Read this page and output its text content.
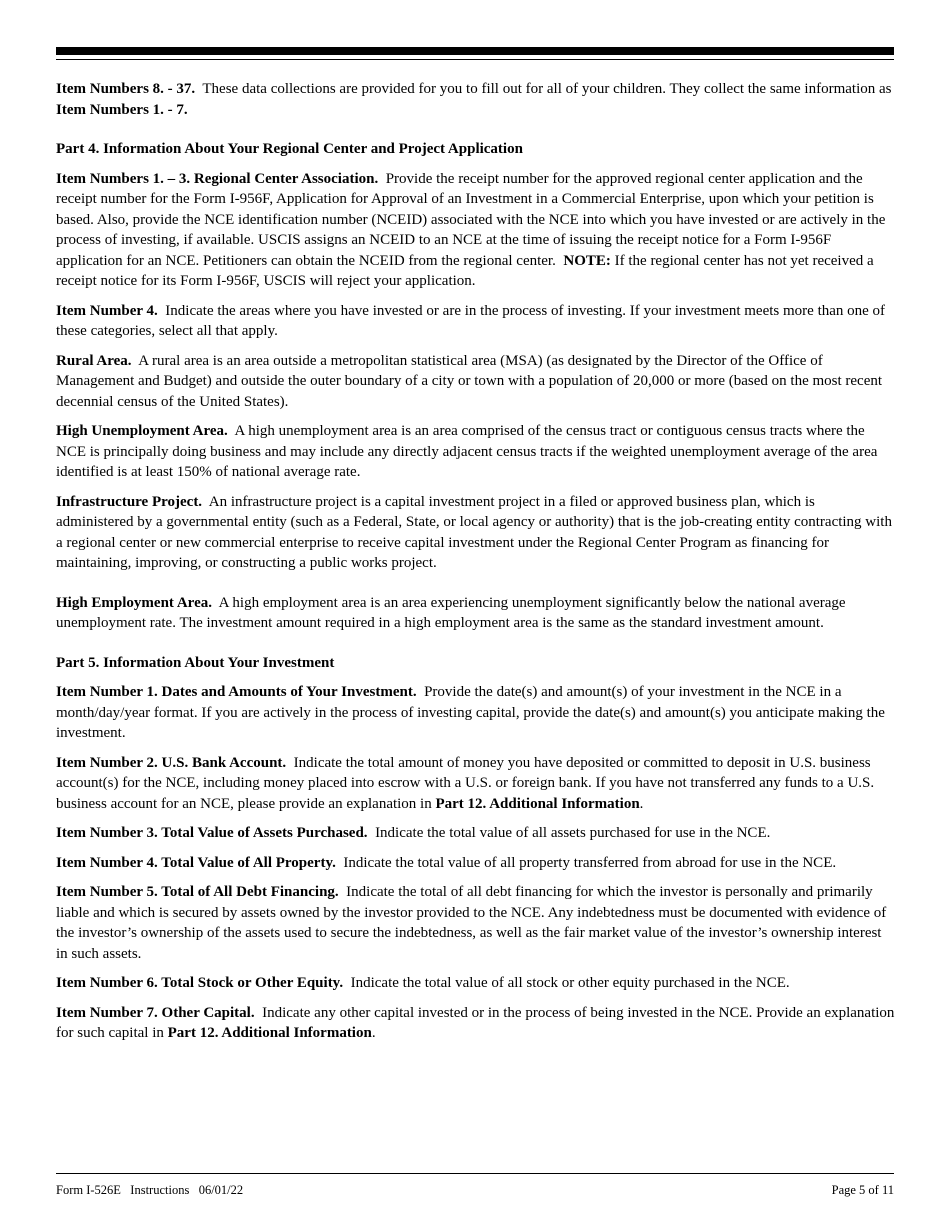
Item Numbers 8. - 37. These data collections are provided for you to fill out for all of your children. They collect the same information as Item Numbers 1. - 7.

Part 4. Information About Your Regional Center and Project Application

Item Numbers 1. – 3. Regional Center Association. Provide the receipt number for the approved regional center application and the receipt number for the Form I-956F, Application for Approval of an Investment in a Commercial Enterprise, upon which your petition is based. Also, provide the NCE identification number (NCEID) associated with the NCE into which you have invested or are actively in the process of investing, if available. USCIS assigns an NCEID to an NCE at the time of issuing the receipt notice for a Form I-956F application for an NCE. Petitioners can obtain the NCEID from the regional center. NOTE: If the regional center has not yet received a receipt notice for its Form I-956F, USCIS will reject your application.

Item Number 4. Indicate the areas where you have invested or are in the process of investing. If your investment meets more than one of these categories, select all that apply.

Rural Area. A rural area is an area outside a metropolitan statistical area (MSA) (as designated by the Director of the Office of Management and Budget) and outside the outer boundary of a city or town with a population of 20,000 or more (based on the most recent decennial census of the United States).

High Unemployment Area. A high unemployment area is an area comprised of the census tract or contiguous census tracts where the NCE is principally doing business and may include any directly adjacent census tracts if the weighted unemployment average of the area identified is at least 150% of national average rate.

Infrastructure Project. An infrastructure project is a capital investment project in a filed or approved business plan, which is administered by a governmental entity (such as a Federal, State, or local agency or authority) that is the job-creating entity contracting with a regional center or new commercial enterprise to receive capital investment under the Regional Center Program as financing for maintaining, improving, or constructing a public works project.

High Employment Area. A high employment area is an area experiencing unemployment significantly below the national average unemployment rate. The investment amount required in a high employment area is the same as the standard investment amount.

Part 5. Information About Your Investment

Item Number 1. Dates and Amounts of Your Investment. Provide the date(s) and amount(s) of your investment in the NCE in a month/day/year format. If you are actively in the process of investing capital, provide the date(s) and amount(s) you anticipate making the investment.

Item Number 2. U.S. Bank Account. Indicate the total amount of money you have deposited or committed to deposit in U.S. business account(s) for the NCE, including money placed into escrow with a U.S. or foreign bank. If you have not transferred any funds to a U.S. business account for an NCE, please provide an explanation in Part 12. Additional Information.

Item Number 3. Total Value of Assets Purchased. Indicate the total value of all assets purchased for use in the NCE.

Item Number 4. Total Value of All Property. Indicate the total value of all property transferred from abroad for use in the NCE.

Item Number 5. Total of All Debt Financing. Indicate the total of all debt financing for which the investor is personally and primarily liable and which is secured by assets owned by the investor provided to the NCE. Any indebtedness must be documented with evidence of the investor’s ownership of the assets used to secure the indebtedness, as well as the fair market value of the investor’s ownership interest in such assets.

Item Number 6. Total Stock or Other Equity. Indicate the total value of all stock or other equity purchased in the NCE.

Item Number 7. Other Capital. Indicate any other capital invested or in the process of being invested in the NCE. Provide an explanation for such capital in Part 12. Additional Information.

Form I-526E   Instructions   06/01/22	Page 5 of 11
